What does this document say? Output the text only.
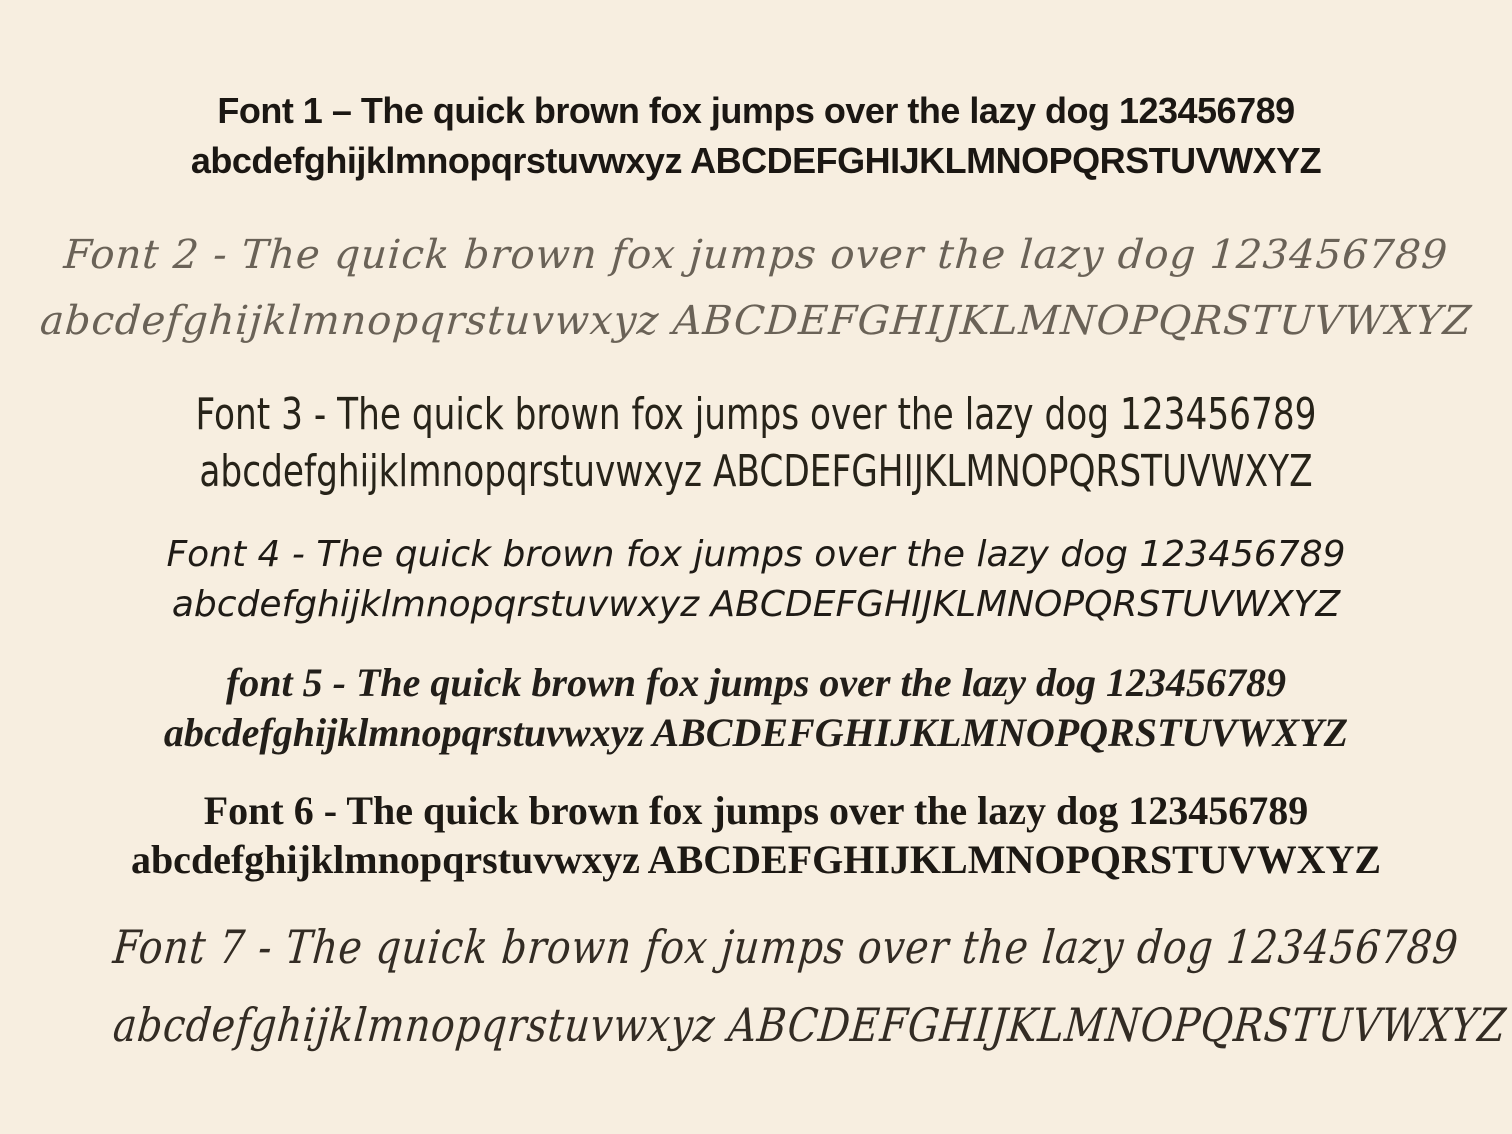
Font 1 – The quick brown fox jumps over the lazy dog 123456789
abcdefghijklmnopqrstuvwxyz ABCDEFGHIJKLMNOPQRSTUVWXYZ
Font 2 - The quick brown fox jumps over the lazy dog 123456789
abcdefghijklmnopqrstuvwxyz ABCDEFGHIJKLMNOPQRSTUVWXYZ
Font 3 - The quick brown fox jumps over the lazy dog 123456789
abcdefghijklmnopqrstuvwxyz ABCDEFGHIJKLMNOPQRSTUVWXYZ
Font 4 - The quick brown fox jumps over the lazy dog 123456789
abcdefghijklmnopqrstuvwxyz ABCDEFGHIJKLMNOPQRSTUVWXYZ
font 5 - The quick brown fox jumps over the lazy dog 123456789
abcdefghijklmnopqrstuvwxyz ABCDEFGHIJKLMNOPQRSTUVWXYZ
Font 6 - The quick brown fox jumps over the lazy dog 123456789
abcdefghijklmnopqrstuvwxyz ABCDEFGHIJKLMNOPQRSTUVWXYZ
Font 7 - The quick brown fox jumps over the lazy dog 123456789
abcdefghijklmnopqrstuvwxyz ABCDEFGHIJKLMNOPQRSTUVWXYZ
